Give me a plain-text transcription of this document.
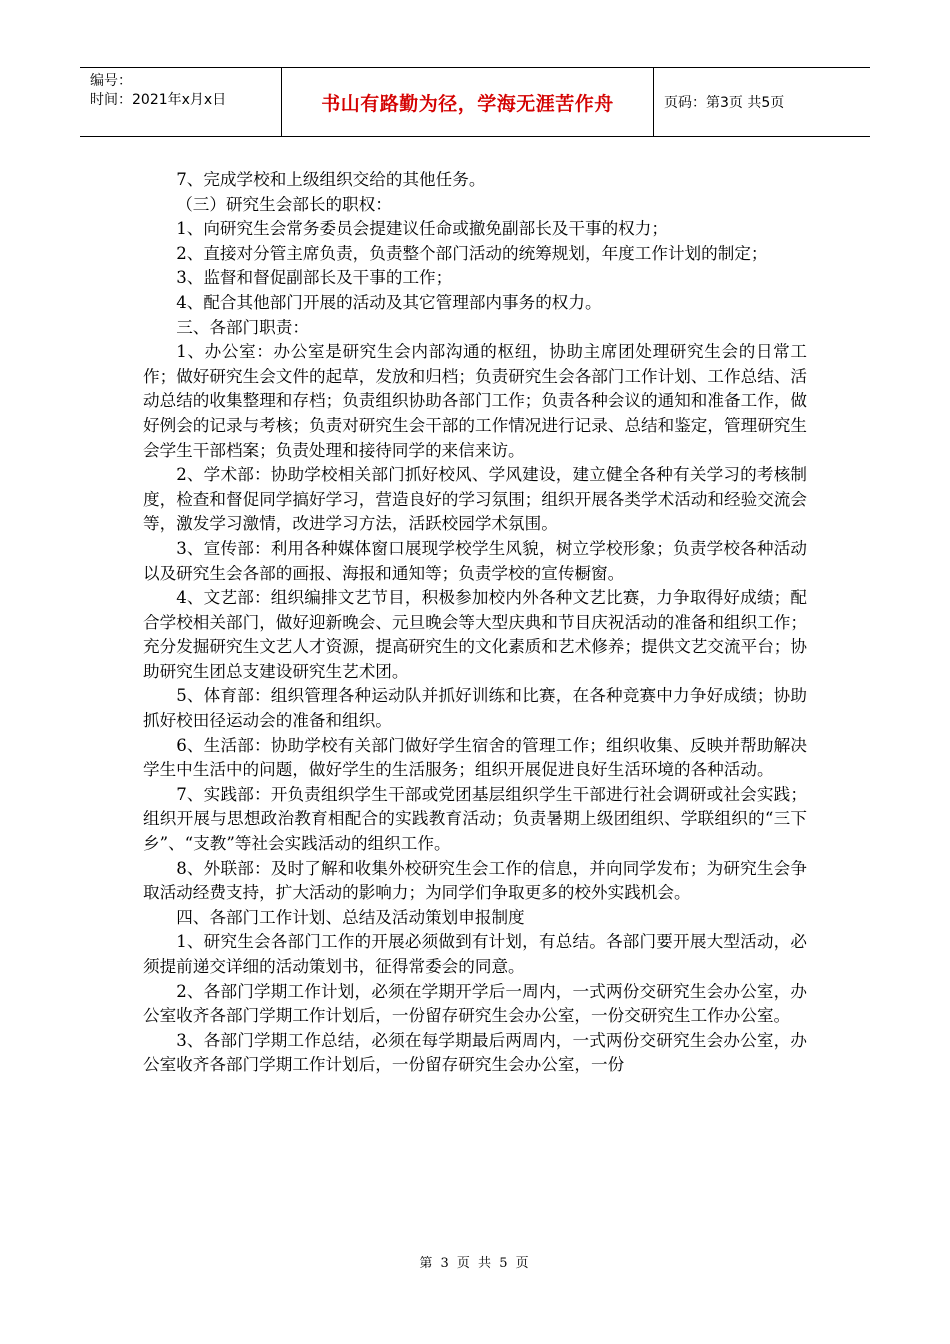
编号：
时间：2021年x月x日	书山有路勤为径，学海无涯苦作舟	页码：第3页 共5页

7、完成学校和上级组织交给的其他任务。

（三）研究生会部长的职权：

1、向研究生会常务委员会提建议任命或撤免副部长及干事的权力；

2、直接对分管主席负责，负责整个部门活动的统筹规划，年度工作计划的制定；

3、监督和督促副部长及干事的工作；

4、配合其他部门开展的活动及其它管理部内事务的权力。

三、各部门职责：

1、办公室：办公室是研究生会内部沟通的枢纽，协助主席团处理研究生会的日常工作；做好研究生会文件的起草，发放和归档；负责研究生会各部门工作计划、工作总结、活动总结的收集整理和存档；负责组织协助各部门工作；负责各种会议的通知和准备工作，做好例会的记录与考核；负责对研究生会干部的工作情况进行记录、总结和鉴定，管理研究生会学生干部档案；负责处理和接待同学的来信来访。

2、学术部：协助学校相关部门抓好校风、学风建设，建立健全各种有关学习的考核制度，检查和督促同学搞好学习，营造良好的学习氛围；组织开展各类学术活动和经验交流会等，激发学习激情，改进学习方法，活跃校园学术氛围。

3、宣传部：利用各种媒体窗口展现学校学生风貌，树立学校形象；负责学校各种活动以及研究生会各部的画报、海报和通知等；负责学校的宣传橱窗。

4、文艺部：组织编排文艺节目，积极参加校内外各种文艺比赛，力争取得好成绩；配合学校相关部门，做好迎新晚会、元旦晚会等大型庆典和节目庆祝活动的准备和组织工作；充分发掘研究生文艺人才资源，提高研究生的文化素质和艺术修养；提供文艺交流平台；协助研究生团总支建设研究生艺术团。

5、体育部：组织管理各种运动队并抓好训练和比赛，在各种竞赛中力争好成绩；协助抓好校田径运动会的准备和组织。

6、生活部：协助学校有关部门做好学生宿舍的管理工作；组织收集、反映并帮助解决学生中生活中的问题，做好学生的生活服务；组织开展促进良好生活环境的各种活动。

7、实践部：开负责组织学生干部或党团基层组织学生干部进行社会调研或社会实践；组织开展与思想政治教育相配合的实践教育活动；负责暑期上级团组织、学联组织的“三下乡”、“支教”等社会实践活动的组织工作。

8、外联部：及时了解和收集外校研究生会工作的信息，并向同学发布；为研究生会争取活动经费支持，扩大活动的影响力；为同学们争取更多的校外实践机会。

四、各部门工作计划、总结及活动策划申报制度

1、研究生会各部门工作的开展必须做到有计划，有总结。各部门要开展大型活动，必须提前递交详细的活动策划书，征得常委会的同意。

2、各部门学期工作计划，必须在学期开学后一周内，一式两份交研究生会办公室，办公室收齐各部门学期工作计划后，一份留存研究生会办公室，一份交研究生工作办公室。

3、各部门学期工作总结，必须在每学期最后两周内，一式两份交研究生会办公室，办公室收齐各部门学期工作计划后，一份留存研究生会办公室，一份

第 3 页 共 5 页
